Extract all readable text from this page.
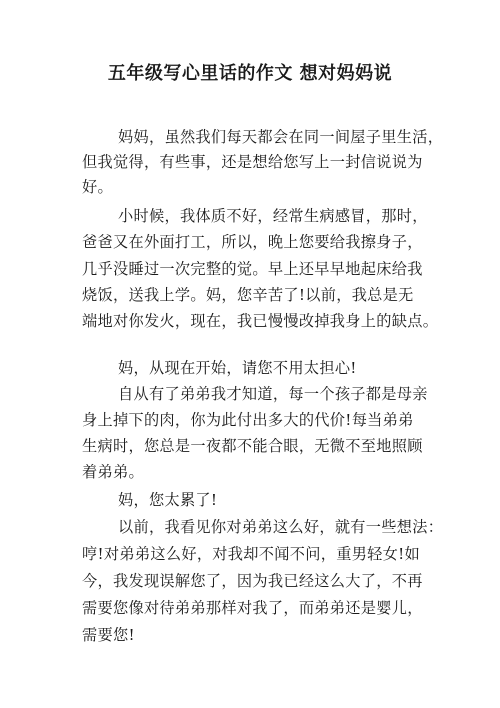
五年级写心里话的作文 想对妈妈说
妈妈，虽然我们每天都会在同一间屋子里生活，
但我觉得，有些事，还是想给您写上一封信说说为
好。
小时候，我体质不好，经常生病感冒，那时，
爸爸又在外面打工，所以，晚上您要给我擦身子，
几乎没睡过一次完整的觉。早上还早早地起床给我
烧饭，送我上学。妈，您辛苦了!以前，我总是无
端地对你发火，现在，我已慢慢改掉我身上的缺点。
妈，从现在开始，请您不用太担心!
自从有了弟弟我才知道，每一个孩子都是母亲
身上掉下的肉，你为此付出多大的代价!每当弟弟
生病时，您总是一夜都不能合眼，无微不至地照顾
着弟弟。
妈，您太累了!
以前，我看见你对弟弟这么好，就有一些想法：
哼!对弟弟这么好，对我却不闻不问，重男轻女!如
今，我发现误解您了，因为我已经这么大了，不再
需要您像对待弟弟那样对我了，而弟弟还是婴儿，
需要您!
